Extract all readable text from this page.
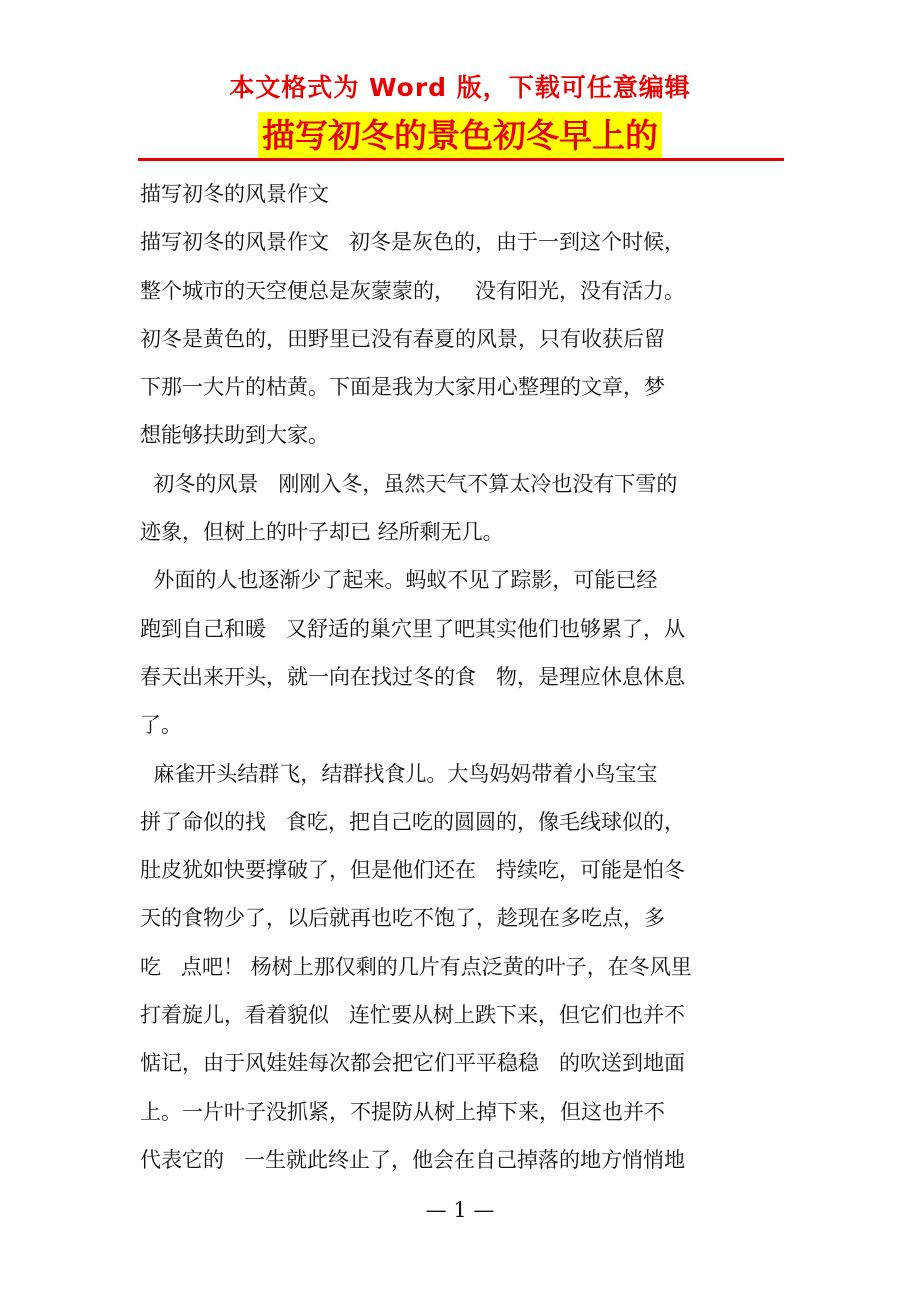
本文格式为 Word 版，下载可任意编辑
描写初冬的景色初冬早上的
描写初冬的风景作文
描写初冬的风景作文   初冬是灰色的，由于一到这个时候，
整个城市的天空便总是灰蒙蒙的，   没有阳光，没有活力。
初冬是黄色的，田野里已没有春夏的风景，只有收获后留
下那一大片的枯黄。下面是我为大家用心整理的文章，梦
想能够扶助到大家。
初冬的风景   刚刚入冬，虽然天气不算太冷也没有下雪的
迹象，但树上的叶子却已 经所剩无几。
外面的人也逐渐少了起来。蚂蚁不见了踪影，可能已经
跑到自己和暖   又舒适的巢穴里了吧其实他们也够累了，从
春天出来开头，就一向在找过冬的食   物，是理应休息休息
了。
麻雀开头结群飞，结群找食儿。大鸟妈妈带着小鸟宝宝
拼了命似的找   食吃，把自己吃的圆圆的，像毛线球似的，
肚皮犹如快要撑破了，但是他们还在   持续吃，可能是怕冬
天的食物少了，以后就再也吃不饱了，趁现在多吃点，多
吃   点吧！ 杨树上那仅剩的几片有点泛黄的叶子，在冬风里
打着旋儿，看着貌似   连忙要从树上跌下来，但它们也并不
惦记，由于风娃娃每次都会把它们平平稳稳   的吹送到地面
上。一片叶子没抓紧，不提防从树上掉下来，但这也并不
代表它的   一生就此终止了，他会在自己掉落的地方悄悄地
— 1 —
